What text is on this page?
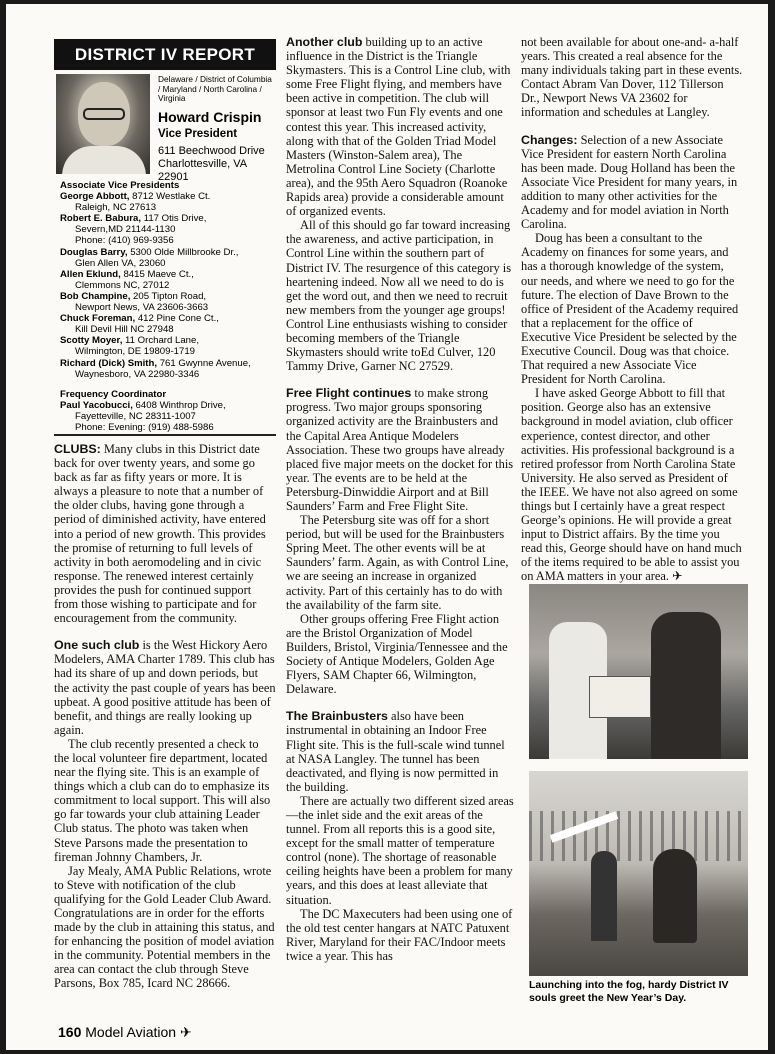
DISTRICT IV REPORT
Delaware / District of Columbia / Maryland / North Carolina / Virginia
Howard Crispin
Vice President
611 Beechwood Drive
Charlottesville, VA
22901
Associate Vice Presidents
George Abbott, 8712 Westlake Ct.
Raleigh, NC 27613
Robert E. Babura, 117 Otis Drive,
Severn,MD 21144-1130
Phone: (410) 969-9356
Douglas Barry, 5300 Olde Millbrooke Dr.,
Glen Allen VA, 23060
Allen Eklund, 8415 Maeve Ct.,
Clemmons NC, 27012
Bob Champine, 205 Tipton Road,
Newport News, VA 23606-3663
Chuck Foreman, 412 Pine Cone Ct.,
Kill Devil Hill NC 27948
Scotty Moyer, 11 Orchard Lane,
Wilmington, DE 19809-1719
Richard (Dick) Smith, 761 Gwynne Avenue,
Waynesboro, VA 22980-3346
Frequency Coordinator
Paul Yacobucci, 6408 Winthrop Drive,
Fayetteville, NC 28311-1007
Phone: Evening: (919) 488-5986

CLUBS: Many clubs in this District date back for over twenty years, and some go back as far as fifty years or more. It is always a pleasure to note that a number of the older clubs, having gone through a period of diminished activity, have entered into a period of new growth. This provides the promise of returning to full levels of activity in both aeromodeling and in civic response. The renewed interest certainly provides the push for continued support from those wishing to participate and for encouragement from the community.

One such club is the West Hickory Aero Modelers, AMA Charter 1789. This club has had its share of up and down periods, but the activity the past couple of years has been upbeat. A good positive attitude has been of benefit, and things are really looking up again.

The club recently presented a check to the local volunteer fire department, located near the flying site. This is an example of things which a club can do to emphasize its commitment to local support. This will also go far towards your club attaining Leader Club status. The photo was taken when Steve Parsons made the presentation to fireman Johnny Chambers, Jr.

Jay Mealy, AMA Public Relations, wrote to Steve with notification of the club qualifying for the Gold Leader Club Award. Congratulations are in order for the efforts made by the club in attaining this status, and for enhancing the position of model aviation in the community. Potential members in the area can contact the club through Steve Parsons, Box 785, Icard NC 28666.

Another club building up to an active influence in the District is the Triangle Skymasters. This is a Control Line club, with some Free Flight flying, and members have been active in competition. The club will sponsor at least two Fun Fly events and one contest this year. This increased activity, along with that of the Golden Triad Model Masters (Winston-Salem area), The Metrolina Control Line Society (Charlotte area), and the 95th Aero Squadron (Roanoke Rapids area) provide a considerable amount of organized events.

All of this should go far toward increasing the awareness, and active participation, in Control Line within the southern part of District IV. The resurgence of this category is heartening indeed. Now all we need to do is get the word out, and then we need to recruit new members from the younger age groups! Control Line enthusiasts wishing to consider becoming members of the Triangle Skymasters should write toEd Culver, 120 Tammy Drive, Garner NC 27529.

Free Flight continues to make strong progress. Two major groups sponsoring organized activity are the Brainbusters and the Capital Area Antique Modelers Association. These two groups have already placed five major meets on the docket for this year. The events are to be held at the Petersburg-Dinwiddie Airport and at Bill Saunders’ Farm and Free Flight Site.

The Petersburg site was off for a short period, but will be used for the Brainbusters Spring Meet. The other events will be at Saunders’ farm. Again, as with Control Line, we are seeing an increase in organized activity. Part of this certainly has to do with the availability of the farm site.

Other groups offering Free Flight action are the Bristol Organization of Model Builders, Bristol, Virginia/Tennessee and the Society of Antique Modelers, Golden Age Flyers, SAM Chapter 66, Wilmington, Delaware.

The Brainbusters also have been instrumental in obtaining an Indoor Free Flight site. This is the full-scale wind tunnel at NASA Langley. The tunnel has been deactivated, and flying is now permitted in the building.

There are actually two different sized areas—the inlet side and the exit areas of the tunnel. From all reports this is a good site, except for the small matter of temperature control (none). The shortage of reasonable ceiling heights have been a problem for many years, and this does at least alleviate that situation.

The DC Maxecuters had been using one of the old test center hangars at NATC Patuxent River, Maryland for their FAC/Indoor meets twice a year. This has

not been available for about one-and- a-half years. This created a real absence for the many individuals taking part in these events. Contact Abram Van Dover, 112 Tillerson Dr., Newport News VA 23602 for information and schedules at Langley.

Changes: Selection of a new Associate Vice President for eastern North Carolina has been made. Doug Holland has been the Associate Vice President for many years, in addition to many other activities for the Academy and for model aviation in North Carolina.

Doug has been a consultant to the Academy on finances for some years, and has a thorough knowledge of the system, our needs, and where we need to go for the future. The election of Dave Brown to the office of President of the Academy required that a replacement for the office of Executive Vice President be selected by the Executive Council. Doug was that choice. That required a new Associate Vice President for North Carolina.

I have asked George Abbott to fill that position. George also has an extensive background in model aviation, club officer experience, contest director, and other activities. His professional background is a retired professor from North Carolina State University. He also served as President of the IEEE. We have not also agreed on some things but I certainly have a great respect George’s opinions. He will provide a great input to District affairs. By the time you read this, George should have on hand much of the items required to be able to assist you on AMA matters in your area. ✈

Launching into the fog, hardy District IV souls greet the New Year’s Day.
160 Model Aviation ✈
